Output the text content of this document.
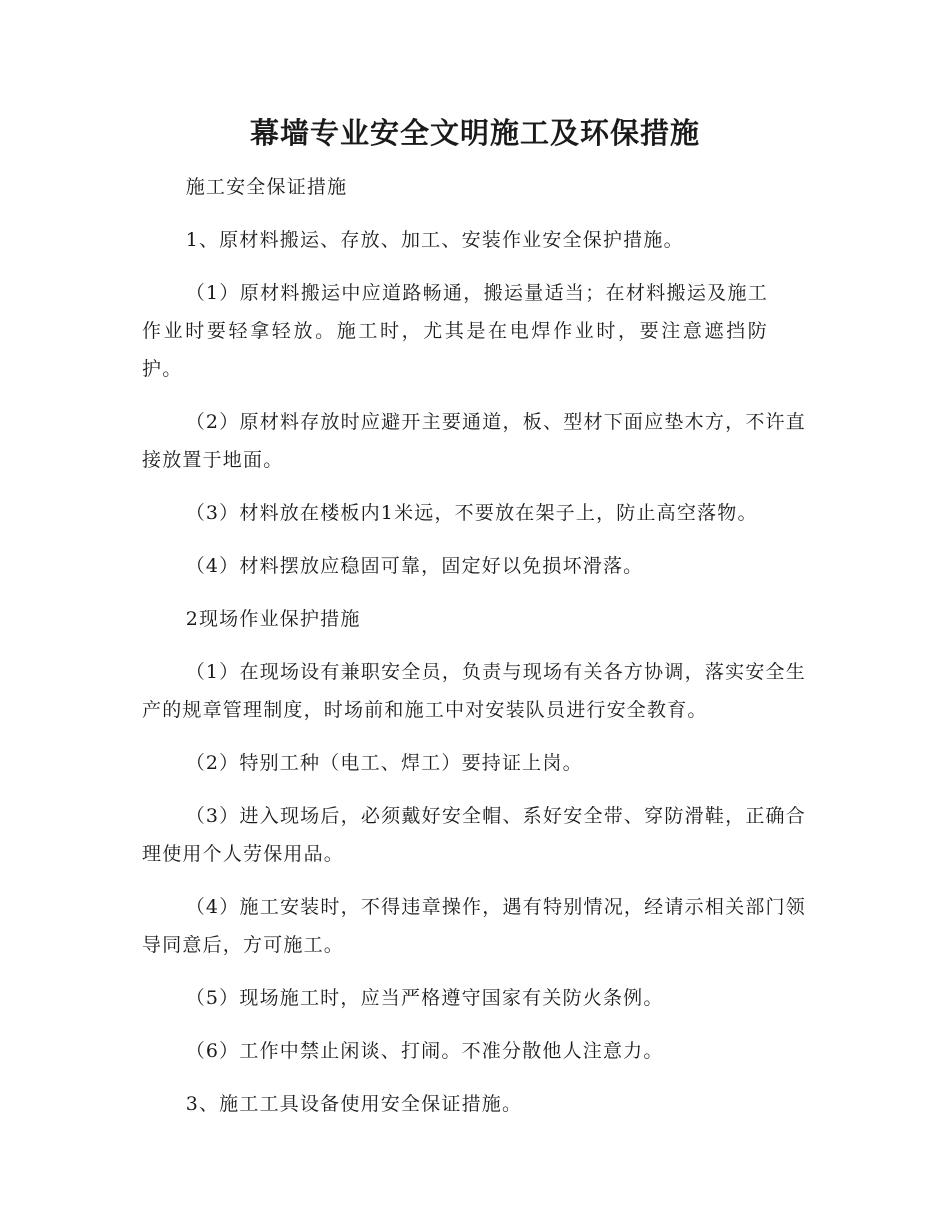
幕墙专业安全文明施工及环保措施

施工安全保证措施

1、原材料搬运、存放、加工、安装作业安全保护措施。

（1）原材料搬运中应道路畅通，搬运量适当；在材料搬运及施工作业时要轻拿轻放。施工时，尤其是在电焊作业时，要注意遮挡防护。

（2）原材料存放时应避开主要通道，板、型材下面应垫木方，不许直接放置于地面。

（3）材料放在楼板内1米远，不要放在架子上，防止高空落物。

（4）材料摆放应稳固可靠，固定好以免损坏滑落。

2现场作业保护措施

（1）在现场设有兼职安全员，负责与现场有关各方协调，落实安全生产的规章管理制度，时场前和施工中对安装队员进行安全教育。

（2）特别工种（电工、焊工）要持证上岗。

（3）进入现场后，必须戴好安全帽、系好安全带、穿防滑鞋，正确合理使用个人劳保用品。

（4）施工安装时，不得违章操作，遇有特别情况，经请示相关部门领导同意后，方可施工。

（5）现场施工时，应当严格遵守国家有关防火条例。

（6）工作中禁止闲谈、打闹。不准分散他人注意力。

3、施工工具设备使用安全保证措施。
